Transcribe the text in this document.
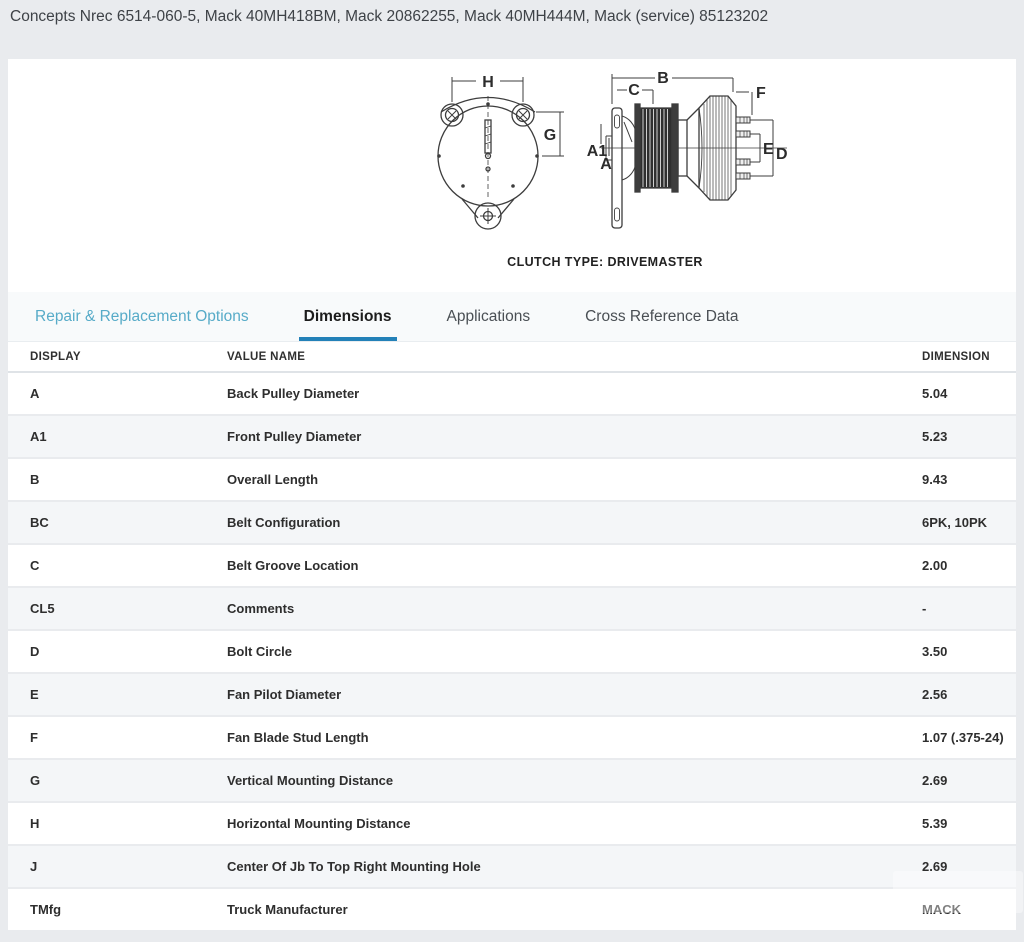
Concepts Nrec 6514-060-5, Mack 40MH418BM, Mack 20862255, Mack 40MH444M, Mack (service) 85123202
H
G
B
C	F
A1
A
E D
CLUTCH TYPE: DRIVEMASTER
Repair & Replacement Options	Dimensions	Applications	Cross Reference Data
DISPLAY	VALUE NAME	DIMENSION
A	Back Pulley Diameter	5.04
A1	Front Pulley Diameter	5.23
B	Overall Length	9.43
BC	Belt Configuration	6PK, 10PK
C	Belt Groove Location	2.00
CL5	Comments	-
D	Bolt Circle	3.50
E	Fan Pilot Diameter	2.56
F	Fan Blade Stud Length	1.07 (.375-24)
G	Vertical Mounting Distance	2.69
H	Horizontal Mounting Distance	5.39
J	Center Of Jb To Top Right Mounting Hole	2.69
TMfg	Truck Manufacturer	MACK
